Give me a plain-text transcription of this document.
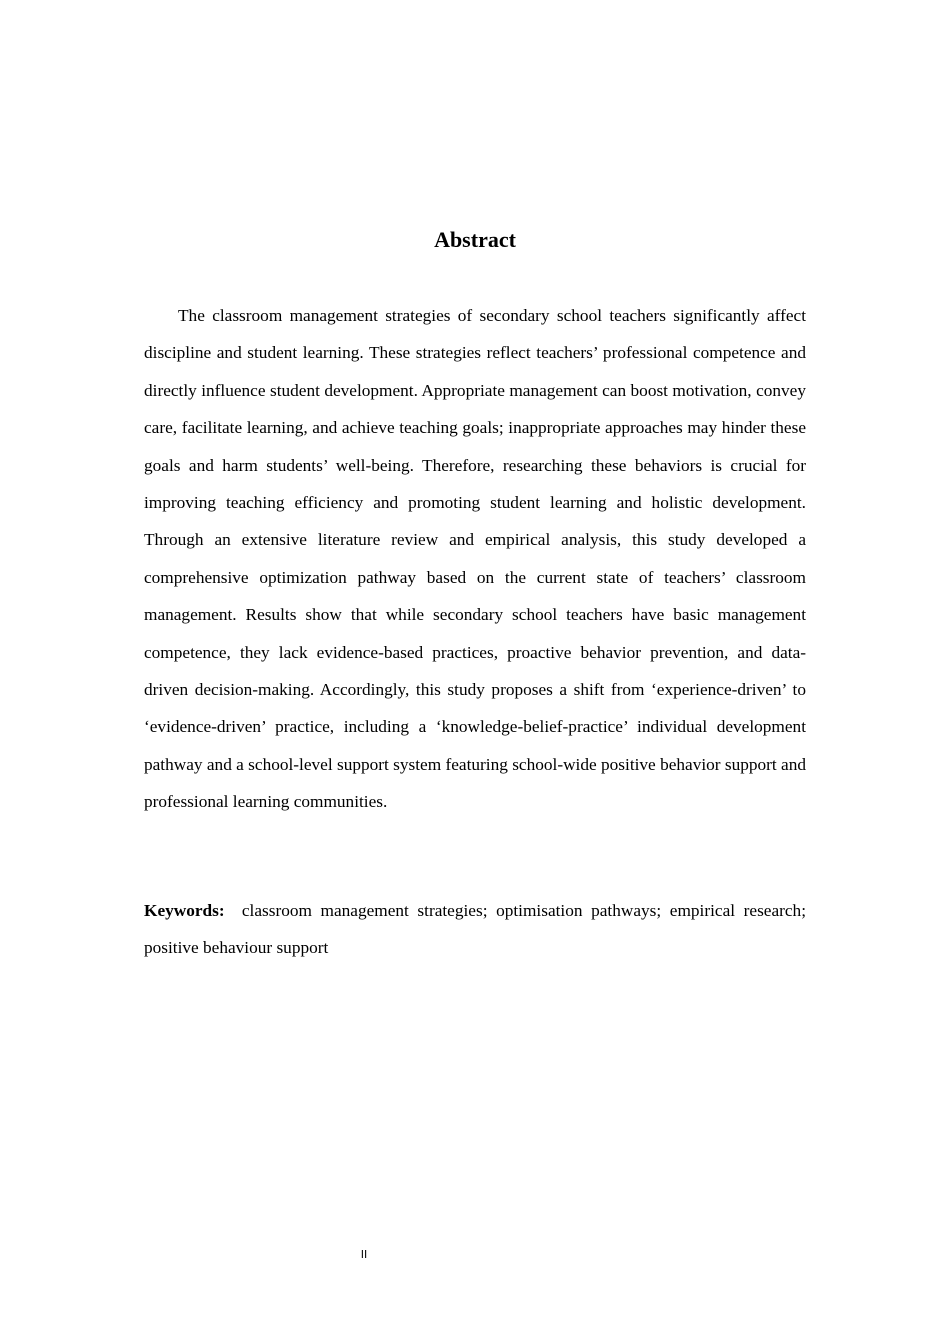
Abstract

The classroom management strategies of secondary school teachers significantly affect discipline and student learning. These strategies reflect teachers’ professional competence and directly influence student development. Appropriate management can boost motivation, convey care, facilitate learning, and achieve teaching goals; inappropriate approaches may hinder these goals and harm students’ well-being. Therefore, researching these behaviors is crucial for improving teaching efficiency and promoting student learning and holistic development. Through an extensive literature review and empirical analysis, this study developed a comprehensive optimization pathway based on the current state of teachers’ classroom management. Results show that while secondary school teachers have basic management competence, they lack evidence-based practices, proactive behavior prevention, and data-driven decision-making. Accordingly, this study proposes a shift from ‘experience-driven’ to ‘evidence-driven’ practice, including a ‘knowledge-belief-practice’ individual development pathway and a school-level support system featuring school-wide positive behavior support and professional learning communities.

Keywords: classroom management strategies; optimisation pathways; empirical research; positive behaviour support

II
